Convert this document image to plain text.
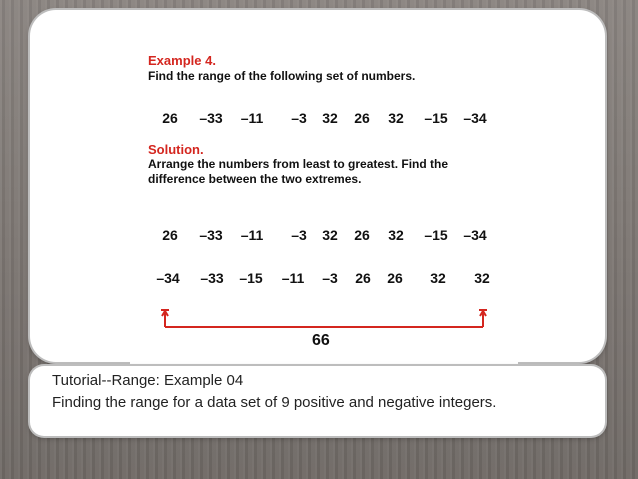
Example 4.
Find the range of the following set of numbers.
26 –33 –11 –3 32 26 32 –15 –34
Solution.
Arrange the numbers from least to greatest. Find the difference between the two extremes.
26 –33 –11 –3 32 26 32 –15 –34
–34 –33 –15 –11 –3 26 26 32 32
66
Tutorial--Range: Example 04
Finding the range for a data set of 9 positive and negative integers.
